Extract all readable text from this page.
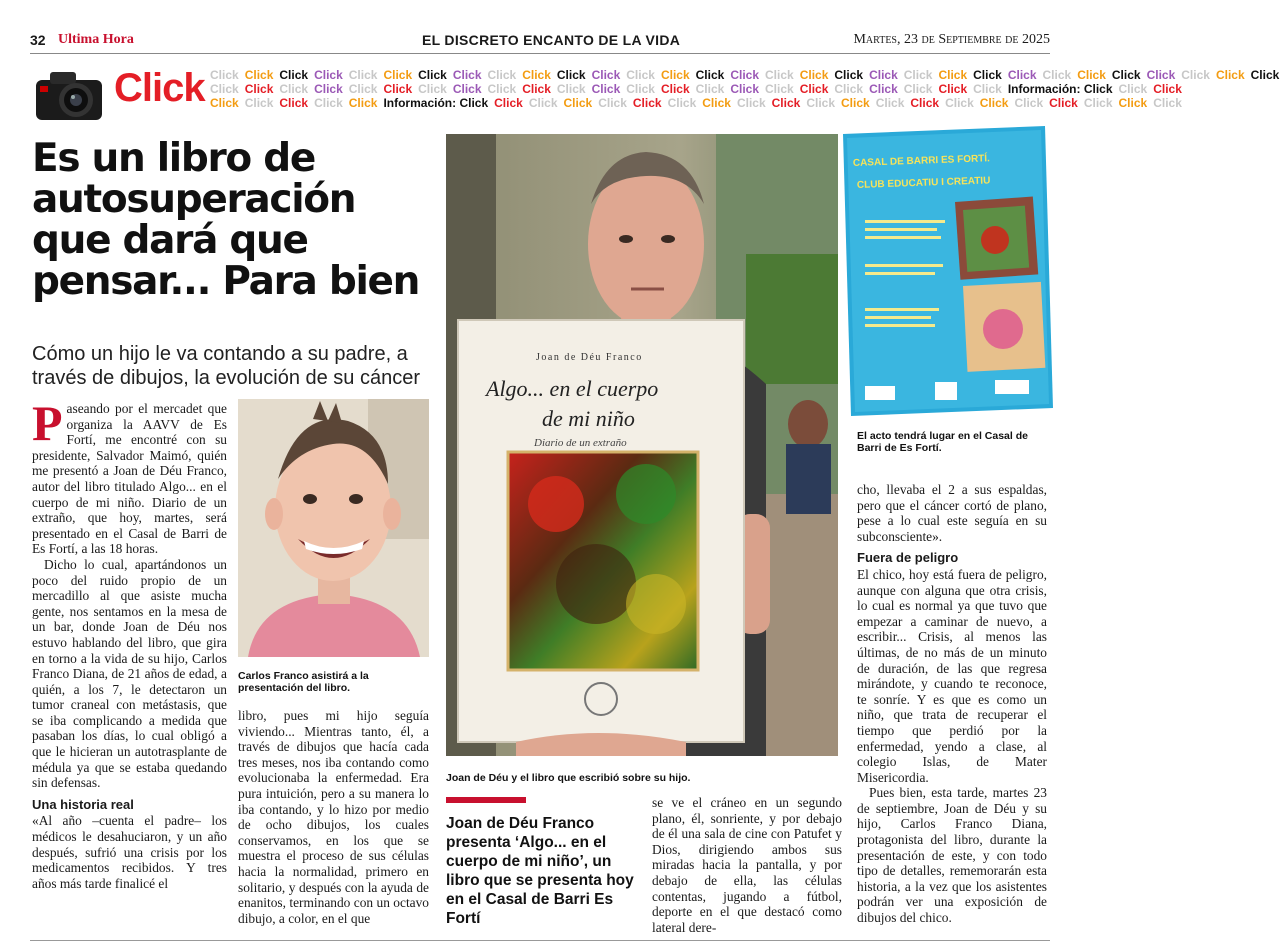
32 Ultima Hora	EL DISCRETO ENCANTO DE LA VIDA	Martes, 23 de Septiembre de 2025
Click Click Click Click Click Click Click Click Click Click Click Click Click Click Click Click Click Click Click Click Click Click Click Click Click Click Click Click Click Click Click Click
Click Click Click Click Click Click Click Click Click Click Click Click Click Click Click Click Click Click Click Click Click Click Click Información: Click Click Click
Click Click Click Click Click Información: Click Click Click Click Click Click Click Click Click Click Click Click Click Click Click Click Click Click Click Click Click
Es un libro de autosuperación que dará que pensar... Para bien
Cómo un hijo le va contando a su padre, a través de dibujos, la evolución de su cáncer

Paseando por el mercadet que organiza la AAVV de Es Fortí, me encontré con su presidente, Salvador Maimó, quién me presentó a Joan de Déu Franco, autor del libro titulado Algo... en el cuerpo de mi niño. Diario de un extraño, que hoy, martes, será presentado en el Casal de Barri de Es Fortí, a las 18 horas.

Dicho lo cual, apartándonos un poco del ruido propio de un mercadillo al que asiste mucha gente, nos sentamos en la mesa de un bar, donde Joan de Déu nos estuvo hablando del libro, que gira en torno a la vida de su hijo, Carlos Franco Diana, de 21 años de edad, a quién, a los 7, le detectaron un tumor craneal con metástasis, que se iba complicando a medida que pasaban los días, lo cual obligó a que le hicieran un autotrasplante de médula ya que se estaba quedando sin defensas.

Una historia real

«Al año –cuenta el padre– los médicos le desahuciaron, y un año después, sufrió una crisis por los medicamentos recibidos. Y tres años más tarde finalicé el

Carlos Franco asistirá a la presentación del libro.

libro, pues mi hijo seguía viviendo... Mientras tanto, él, a través de dibujos que hacía cada tres meses, nos iba contando como evolucionaba la enfermedad. Era pura intuición, pero a su manera lo iba contando, y lo hizo por medio de ocho dibujos, los cuales conservamos, en los que se muestra el proceso de sus células hacia la normalidad, primero en solitario, y después con la ayuda de enanitos, terminando con un octavo dibujo, a color, en el que

Joan de Déu Franco
Algo... en el cuerpo
de mi niño
Diario de un extraño
Joan de Déu y el libro que escribió sobre su hijo.
CASAL DE BARRI ES FORTÍ.
CLUB EDUCATIU I CREATIU
El acto tendrá lugar en el Casal de Barri de Es Fortí.

cho, llevaba el 2 a sus espaldas, pero que el cáncer cortó de plano, pese a lo cual este seguía en su subconsciente».

Fuera de peligro

El chico, hoy está fuera de peligro, aunque con alguna que otra crisis, lo cual es normal ya que tuvo que empezar a caminar de nuevo, a escribir... Crisis, al menos las últimas, de no más de un minuto de duración, de las que regresa mirándote, y cuando te reconoce, te sonríe. Y es que es como un niño, que trata de recuperar el tiempo que perdió por la enfermedad, yendo a clase, al colegio Islas, de Mater Misericordia.

Pues bien, esta tarde, martes 23 de septiembre, Joan de Déu y su hijo, Carlos Franco Diana, protagonista del libro, durante la presentación de este, y con todo tipo de detalles, rememorarán esta historia, a la vez que los asistentes podrán ver una exposición de dibujos del chico.

Joan de Déu Franco presenta ‘Algo... en el cuerpo de mi niño’, un libro que se presenta hoy en el Casal de Barri Es Fortí

se ve el cráneo en un segundo plano, él, sonriente, y por debajo de él una sala de cine con Patufet y Dios, dirigiendo ambos sus miradas hacia la pantalla, y por debajo de ella, las células contentas, jugando a fútbol, deporte en el que destacó como lateral dere-
